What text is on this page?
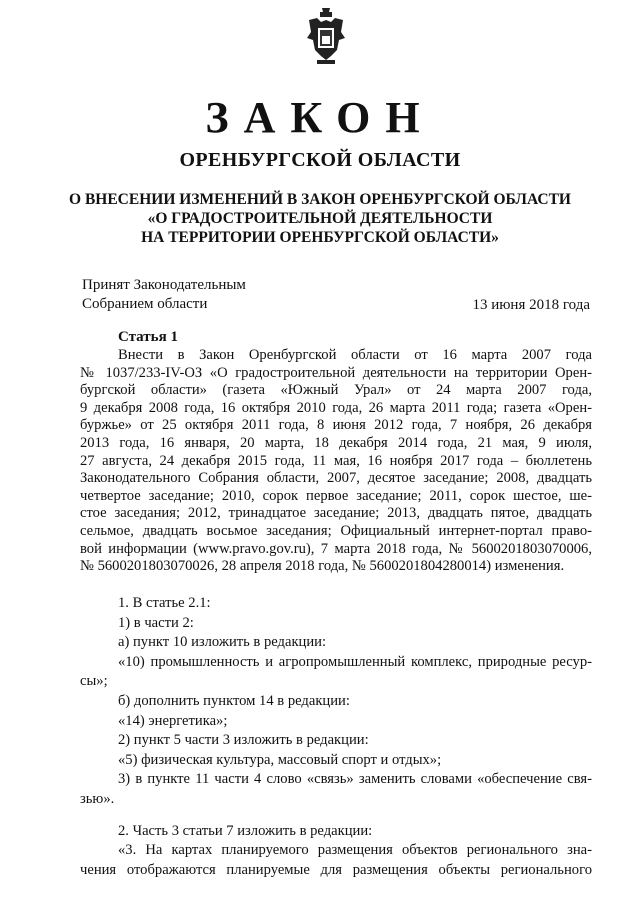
ЗАКОН
ОРЕНБУРГСКОЙ ОБЛАСТИ
О ВНЕСЕНИИ ИЗМЕНЕНИЙ В ЗАКОН ОРЕНБУРГСКОЙ ОБЛАСТИ
«О ГРАДОСТРОИТЕЛЬНОЙ ДЕЯТЕЛЬНОСТИ
НА ТЕРРИТОРИИ ОРЕНБУРГСКОЙ ОБЛАСТИ»
Принят Законодательным
Собранием области	13 июня 2018 года
Статья 1
Внести в Закон Оренбургской области от 16 марта 2007 года
№ 1037/233-IV-ОЗ «О градостроительной деятельности на территории Орен-
бургской области» (газета «Южный Урал» от 24 марта 2007 года,
9 декабря 2008 года, 16 октября 2010 года, 26 марта 2011 года; газета «Орен-
буржье» от 25 октября 2011 года, 8 июня 2012 года, 7 ноября, 26 декабря
2013 года, 16 января, 20 марта, 18 декабря 2014 года, 21 мая, 9 июля,
27 августа, 24 декабря 2015 года, 11 мая, 16 ноября 2017 года – бюллетень
Законодательного Собрания области, 2007, десятое заседание; 2008, двадцать
четвертое заседание; 2010, сорок первое заседание; 2011, сорок шестое, ше-
стое заседания; 2012, тринадцатое заседание; 2013, двадцать пятое, двадцать
сельмое, двадцать восьмое заседания; Официальный интернет-портал право-
вой информации (www.pravo.gov.ru), 7 марта 2018 года, № 5600201803070006,
№ 5600201803070026, 28 апреля 2018 года, № 5600201804280014) изменения.
1. В статье 2.1:
1) в части 2:
а) пункт 10 изложить в редакции:
«10) промышленность и агропромышленный комплекс, природные ресур-
сы»;
б) дополнить пунктом 14 в редакции:
«14) энергетика»;
2) пункт 5 части 3 изложить в редакции:
«5) физическая культура, массовый спорт и отдых»;
3) в пункте 11 части 4 слово «связь» заменить словами «обеспечение свя-
зью».
2. Часть 3 статьи 7 изложить в редакции:
«3. На картах планируемого размещения объектов регионального зна-
чения отображаются планируемые для размещения объекты регионального
